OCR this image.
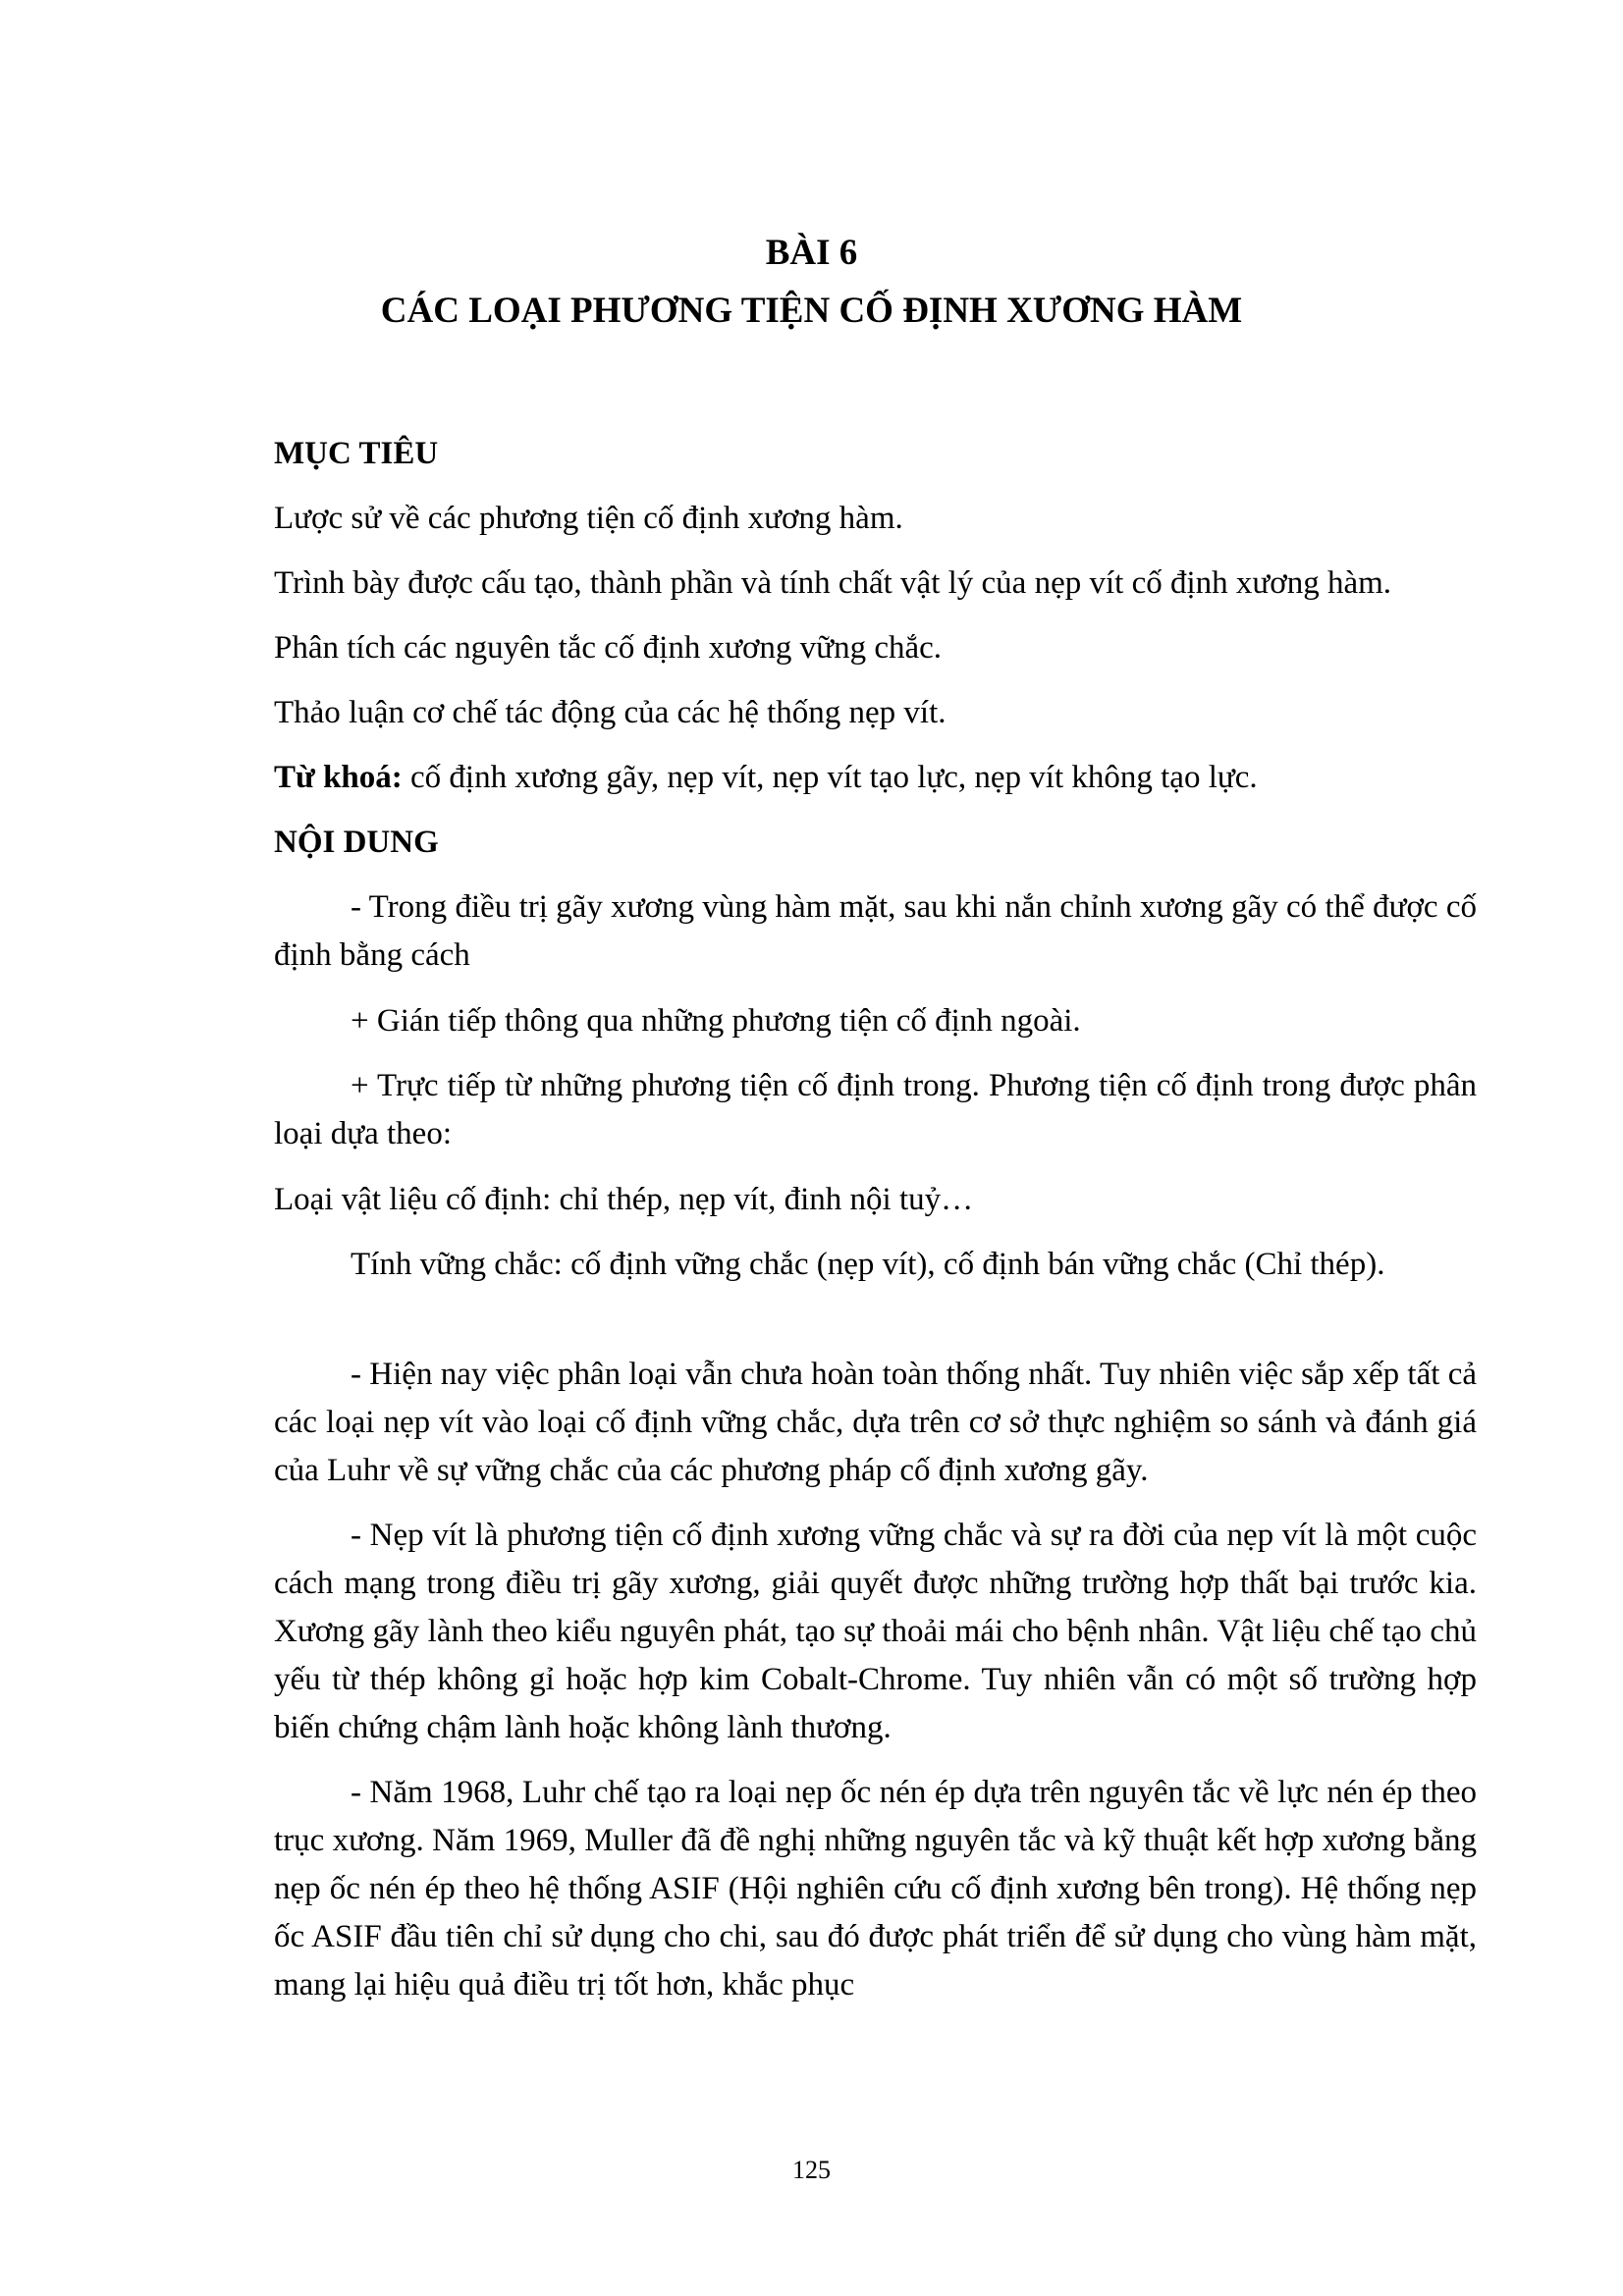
BÀI 6
CÁC LOẠI PHƯƠNG TIỆN CỐ ĐỊNH XƯƠNG HÀM

MỤC TIÊU

Lược sử về các phương tiện cố định xương hàm.

Trình bày được cấu tạo, thành phần và tính chất vật lý của nẹp vít cố định xương hàm.

Phân tích các nguyên tắc cố định xương vững chắc.

Thảo luận cơ chế tác động của các hệ thống nẹp vít.

Từ khoá: cố định xương gãy, nẹp vít, nẹp vít tạo lực, nẹp vít không tạo lực.

NỘI DUNG

- Trong điều trị gãy xương vùng hàm mặt, sau khi nắn chỉnh xương gãy có thể được cố định bằng cách

+ Gián tiếp thông qua những phương tiện cố định ngoài.

+ Trực tiếp từ những phương tiện cố định trong. Phương tiện cố định trong được phân loại dựa theo:

Loại vật liệu cố định: chỉ thép, nẹp vít, đinh nội tuỷ…

Tính vững chắc: cố định vững chắc (nẹp vít), cố định bán vững chắc (Chỉ thép).

- Hiện nay việc phân loại vẫn chưa hoàn toàn thống nhất. Tuy nhiên việc sắp xếp tất cả các loại nẹp vít vào loại cố định vững chắc, dựa trên cơ sở thực nghiệm so sánh và đánh giá của Luhr về sự vững chắc của các phương pháp cố định xương gãy.

- Nẹp vít là phương tiện cố định xương vững chắc và sự ra đời của nẹp vít là một cuộc cách mạng trong điều trị gãy xương, giải quyết được những trường hợp thất bại trước kia. Xương gãy lành theo kiểu nguyên phát, tạo sự thoải mái cho bệnh nhân. Vật liệu chế tạo chủ yếu từ thép không gỉ hoặc hợp kim Cobalt-Chrome. Tuy nhiên vẫn có một số trường hợp biến chứng chậm lành hoặc không lành thương.

- Năm 1968, Luhr chế tạo ra loại nẹp ốc nén ép dựa trên nguyên tắc về lực nén ép theo trục xương. Năm 1969, Muller đã đề nghị những nguyên tắc và kỹ thuật kết hợp xương bằng nẹp ốc nén ép theo hệ thống ASIF (Hội nghiên cứu cố định xương bên trong). Hệ thống nẹp ốc ASIF đầu tiên chỉ sử dụng cho chi, sau đó được phát triển để sử dụng cho vùng hàm mặt, mang lại hiệu quả điều trị tốt hơn, khắc phục

125
